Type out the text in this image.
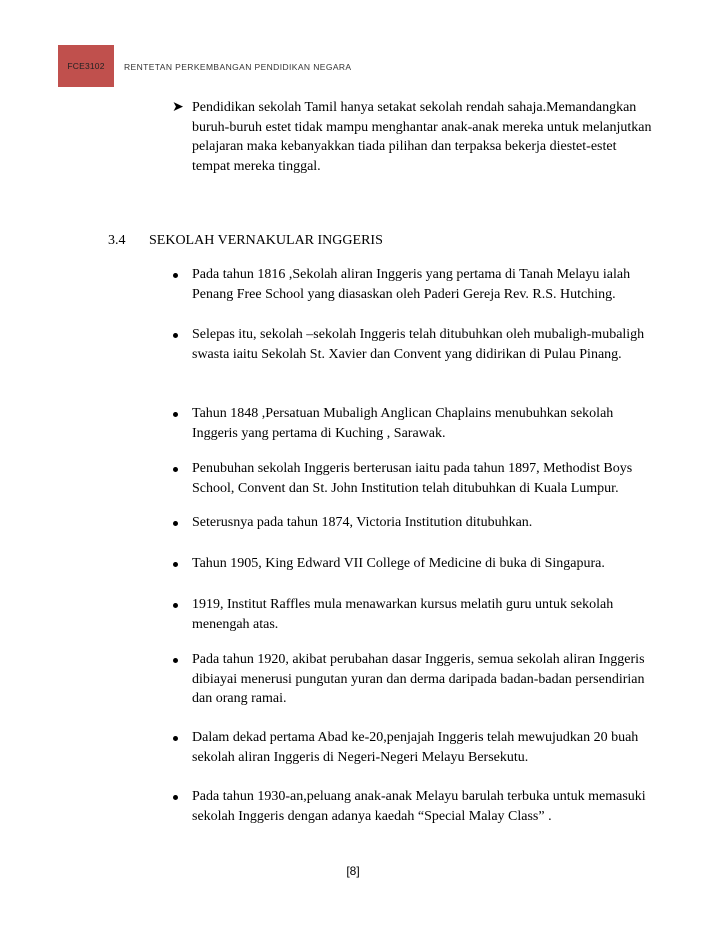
FCE3102 RENTETAN PERKEMBANGAN PENDIDIKAN NEGARA
➤ Pendidikan sekolah Tamil hanya setakat sekolah rendah sahaja.Memandangkan buruh-buruh estet tidak mampu menghantar anak-anak mereka untuk melanjutkan pelajaran maka kebanyakkan tiada pilihan dan terpaksa bekerja diestet-estet tempat mereka tinggal.
3.4 SEKOLAH VERNAKULAR INGGERIS
Pada tahun 1816 ,Sekolah aliran Inggeris yang pertama di Tanah Melayu ialah Penang Free School yang diasaskan oleh Paderi Gereja Rev. R.S. Hutching.
Selepas itu, sekolah –sekolah Inggeris telah ditubuhkan oleh mubaligh-mubaligh swasta iaitu Sekolah St. Xavier dan Convent yang didirikan di Pulau Pinang.
Tahun 1848 ,Persatuan Mubaligh Anglican Chaplains menubuhkan sekolah Inggeris yang pertama di Kuching , Sarawak.
Penubuhan sekolah Inggeris berterusan iaitu pada tahun 1897, Methodist Boys School, Convent dan St. John Institution telah ditubuhkan di Kuala Lumpur.
Seterusnya pada tahun 1874, Victoria Institution ditubuhkan.
Tahun 1905, King Edward VII College of Medicine di buka di Singapura.
1919, Institut Raffles mula menawarkan kursus melatih guru untuk sekolah menengah atas.
Pada tahun 1920, akibat perubahan dasar Inggeris, semua sekolah aliran Inggeris dibiayai menerusi pungutan yuran dan derma daripada badan-badan persendirian dan orang ramai.
Dalam dekad pertama Abad ke-20,penjajah Inggeris telah mewujudkan 20 buah sekolah aliran Inggeris di Negeri-Negeri Melayu Bersekutu.
Pada tahun 1930-an,peluang anak-anak Melayu barulah terbuka untuk memasuki sekolah Inggeris dengan adanya kaedah “Special Malay Class” .
[8]
